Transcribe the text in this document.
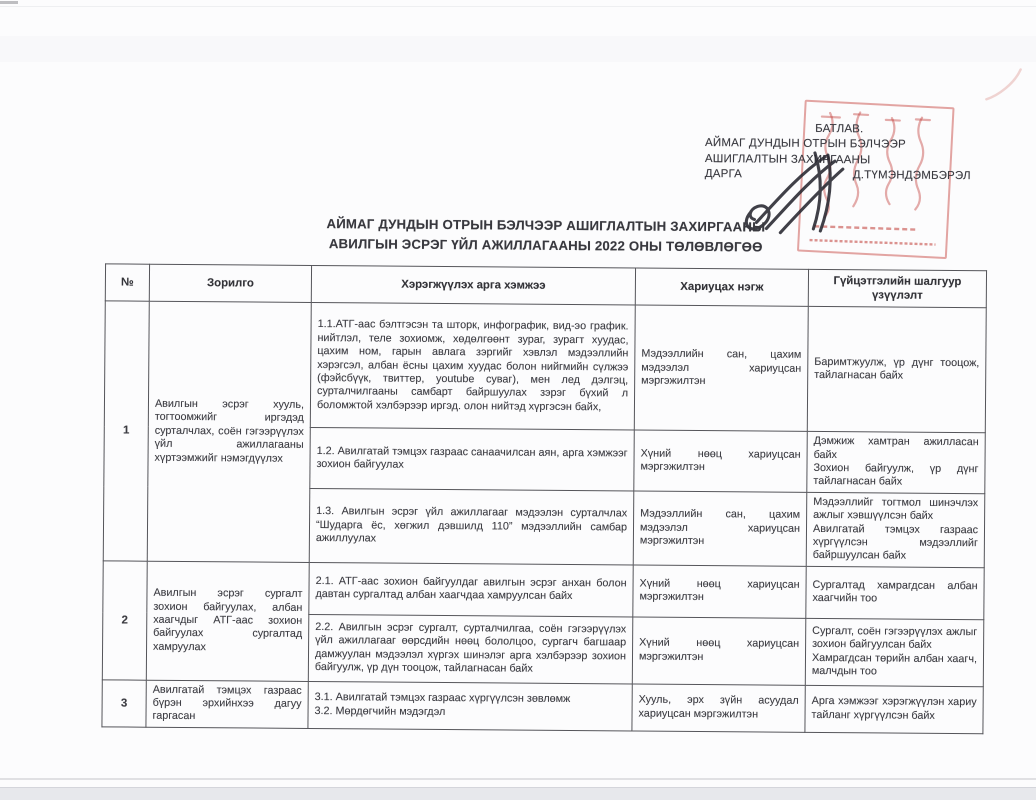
БАТЛАВ.
АЙМАГ ДУНДЫН ОТРЫН БЭЛЧЭЭР
АШИГЛАЛТЫН ЗАХИРГААНЫ
ДАРГА	Д.ТҮМЭНДЭМБЭРЭЛ
АЙМАГ ДУНДЫН ОТРЫН БЭЛЧЭЭР АШИГЛАЛТЫН ЗАХИРГААНЫ
АВИЛГЫН ЭСРЭГ ҮЙЛ АЖИЛЛАГААНЫ 2022 ОНЫ ТӨЛӨВЛӨГӨӨ
№	Зорилго	Хэрэгжүүлэх арга хэмжээ	Хариуцах нэгж	Гүйцэтгэлийн шалгуур үзүүлэлт
1	Авилгын эсрэг хууль, тогтоомжийг иргэдэд сурталчлах, соён гэгээрүүлэх үйл ажиллагааны хүртээмжийг нэмэгдүүлэх	1.1.АТГ-аас бэлтгэсэн та шторк, инфографик, вид-эо график. нийтлэл, теле зохиомж, хөдөлгөөнт зураг, зурагт хуудас, цахим ном, гарын авлага зэргийг хэвлэл мэдээллийн хэрэгсэл, албан ёсны цахим хуудас болон нийгмийн сүлжээ (фэйсбүүк, твиттер, youtube суваг), мен лед дэлгэц, сурталчилгааны самбарт байршуулах зэрэг бүхий л боломжтой хэлбэрээр иргэд. олон нийтэд хүргэсэн байх,	Мэдээллийн сан, цахим мэдээлэл хариуцсан мэргэжилтэн	Баримтжуулж, үр дүнг тооцож, тайлагнасан байх

		1.2. Авилгатай тэмцэх газраас санаачилсан аян, арга хэмжээг зохион байгуулах	Хүний нөөц хариуцсан мэргэжилтэн	Дэмжиж хамтран ажилласан байх
Зохион байгуулж, үр дүнг тайлагнасан байх

		1.3. Авилгын эсрэг үйл ажиллагааг мэдээлэн сурталчлах “Шударга ёс, хөгжил дэвшилд 110” мэдээллийн самбар ажиллуулах	Мэдээллийн сан, цахим мэдээлэл хариуцсан мэргэжилтэн	Мэдээллийг тогтмол шинэчлэх ажлыг хэвшүүлсэн байх
Авилгатай тэмцэх газраас хүргүүлсэн мэдээллийг байршуулсан байх

2	Авилгын эсрэг сургалт зохион байгуулах, албан хаагчдыг АТГ-аас зохион байгуулах сургалтад хамруулах	2.1. АТГ-аас зохион байгуулдаг авилгын эсрэг анхан болон давтан сургалтад албан хаагчдаа хамруулсан байх	Хүний нөөц хариуцсан мэргэжилтэн	Сургалтад хамрагдсан албан хаагчийн тоо

		2.2. Авилгын эсрэг сургалт, сурталчилгаа, соён гэгээрүүлэх үйл ажиллагааг өөрсдийн нөөц бололцоо, сургагч багшаар дамжуулан мэдээлэл хүргэх шинэлэг арга хэлбэрээр зохион байгуулж, үр дүн тооцож, тайлагнасан байх	Хүний нөөц хариуцсан мэргэжилтэн	Сургалт, соён гэгээрүүлэх ажлыг зохион байгуулсан байх
Хамрагдсан төрийн албан хаагч, малчдын тоо

3	Авилгатай тэмцэх газраас бүрэн эрхийнхээ дагуу гаргасан	3.1. Авилгатай тэмцэх газраас хүргүүлсэн зөвлөмж
3.2. Мөрдөгчийн мэдэгдэл	Хууль, эрх зүйн асуудал хариуцсан мэргэжилтэн	Арга хэмжээг хэрэгжүүлэн хариу тайланг хүргүүлсэн байх
